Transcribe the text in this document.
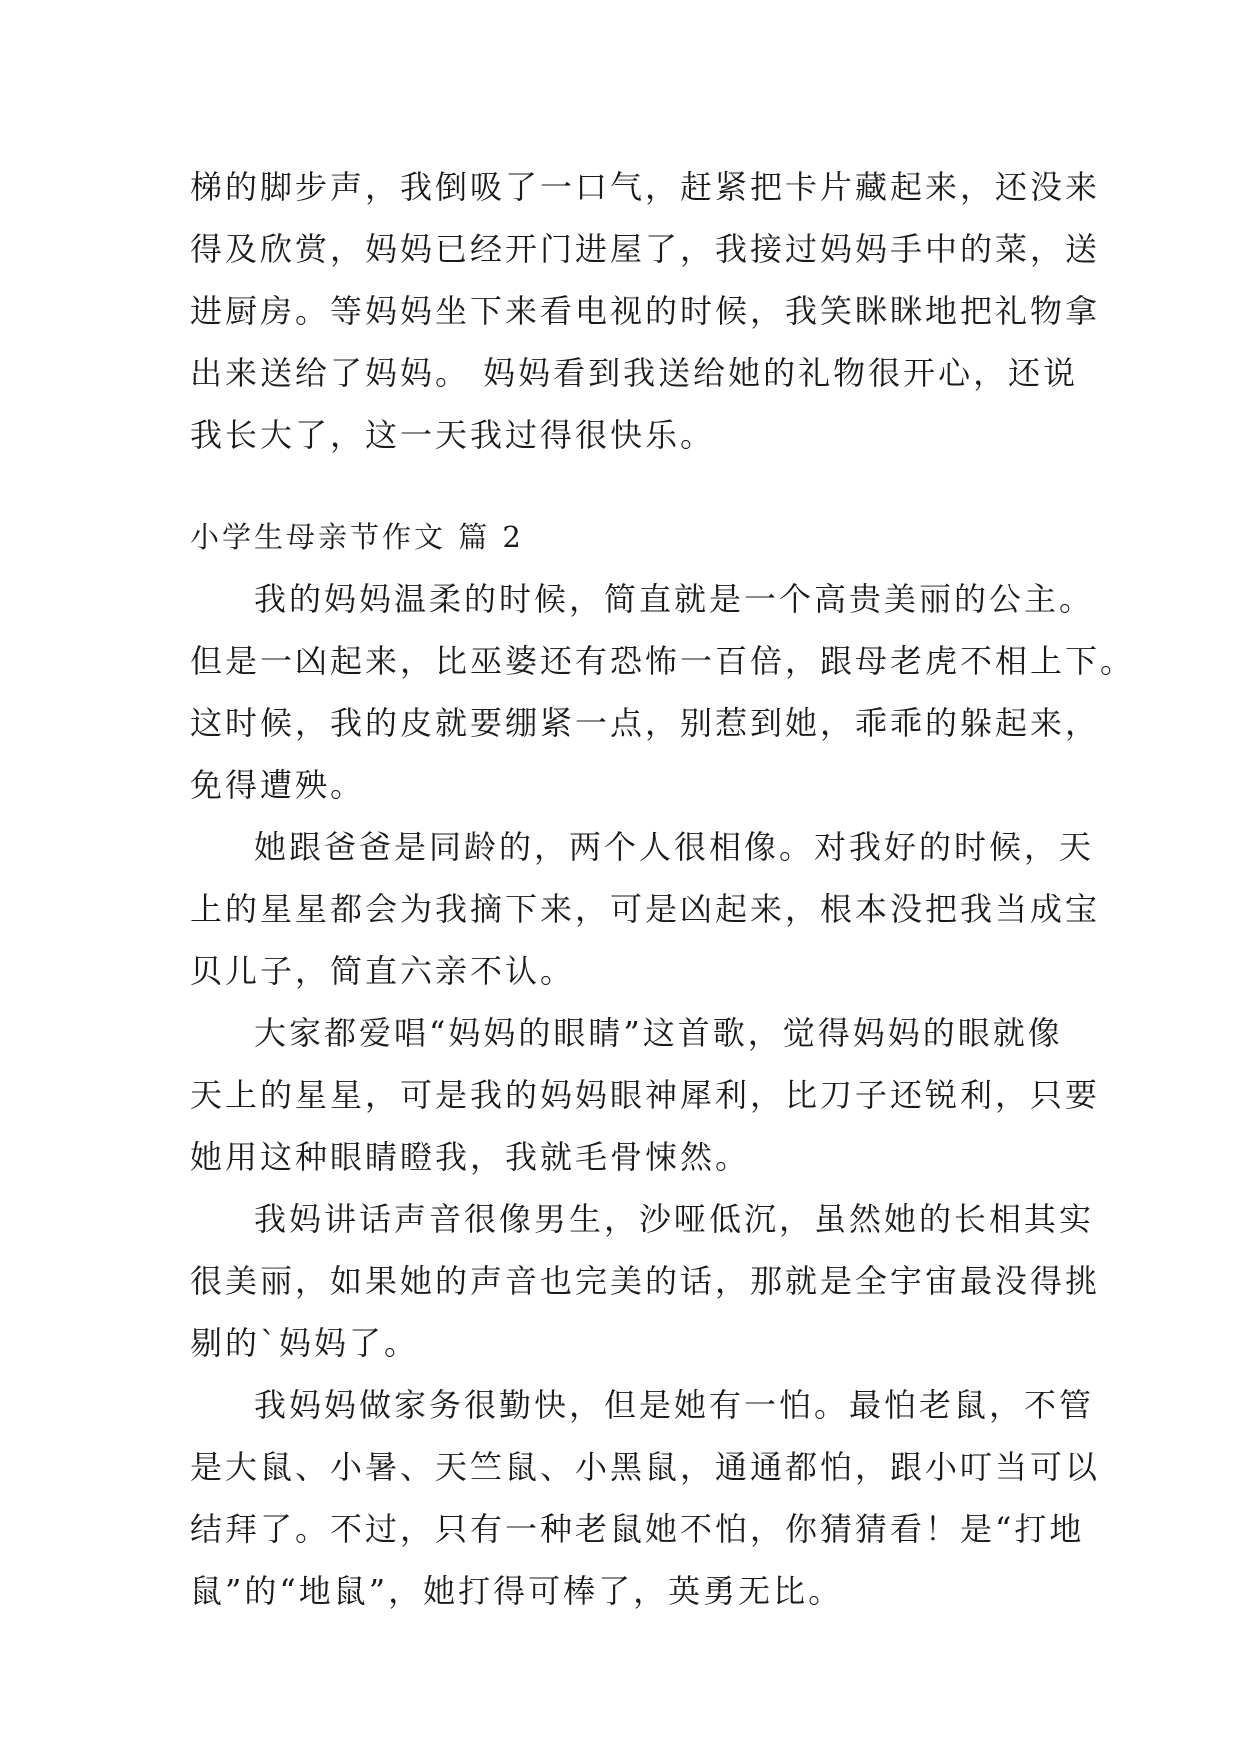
梯的脚步声，我倒吸了一口气，赶紧把卡片藏起来，还没来
得及欣赏，妈妈已经开门进屋了，我接过妈妈手中的菜，送
进厨房。等妈妈坐下来看电视的时候，我笑眯眯地把礼物拿
出来送给了妈妈。 妈妈看到我送给她的礼物很开心，还说
我长大了，这一天我过得很快乐。
小学生母亲节作文 篇 2
我的妈妈温柔的时候，简直就是一个高贵美丽的公主。
但是一凶起来，比巫婆还有恐怖一百倍，跟母老虎不相上下。
这时候，我的皮就要绷紧一点，别惹到她，乖乖的躲起来，
免得遭殃。
她跟爸爸是同龄的，两个人很相像。对我好的时候，天
上的星星都会为我摘下来，可是凶起来，根本没把我当成宝
贝儿子，简直六亲不认。
大家都爱唱“妈妈的眼睛”这首歌，觉得妈妈的眼就像
天上的星星，可是我的妈妈眼神犀利，比刀子还锐利，只要
她用这种眼睛瞪我，我就毛骨悚然。
我妈讲话声音很像男生，沙哑低沉，虽然她的长相其实
很美丽，如果她的声音也完美的话，那就是全宇宙最没得挑
剔的`妈妈了。
我妈妈做家务很勤快，但是她有一怕。最怕老鼠，不管
是大鼠、小暑、天竺鼠、小黑鼠，通通都怕，跟小叮当可以
结拜了。不过，只有一种老鼠她不怕，你猜猜看！是“打地
鼠”的“地鼠”，她打得可棒了，英勇无比。
